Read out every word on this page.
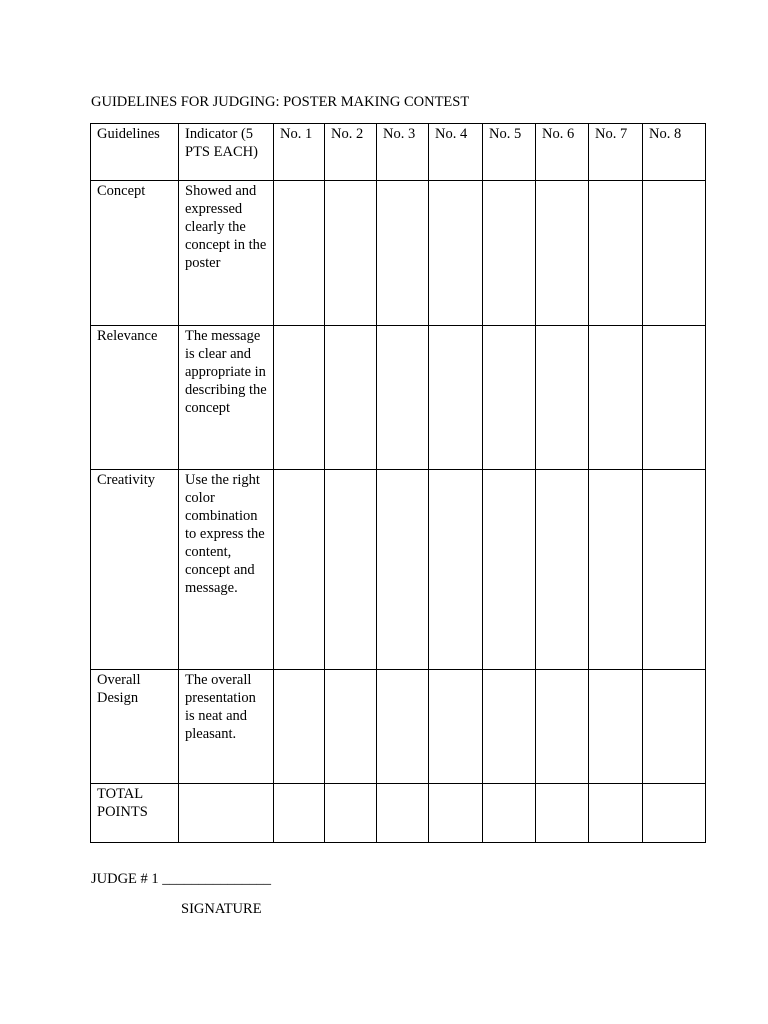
GUIDELINES FOR JUDGING: POSTER MAKING CONTEST
Guidelines	Indicator (5 PTS EACH)	No. 1	No. 2	No. 3	No. 4	No. 5	No. 6	No. 7	No. 8
Concept	Showed and expressed clearly the concept in the poster								
Relevance	The message is clear and appropriate in describing the concept								
Creativity	Use the right color combination to express the content, concept and message.								
Overall Design	The overall presentation is neat and pleasant.								
TOTAL POINTS									
JUDGE # 1 _______________
SIGNATURE
